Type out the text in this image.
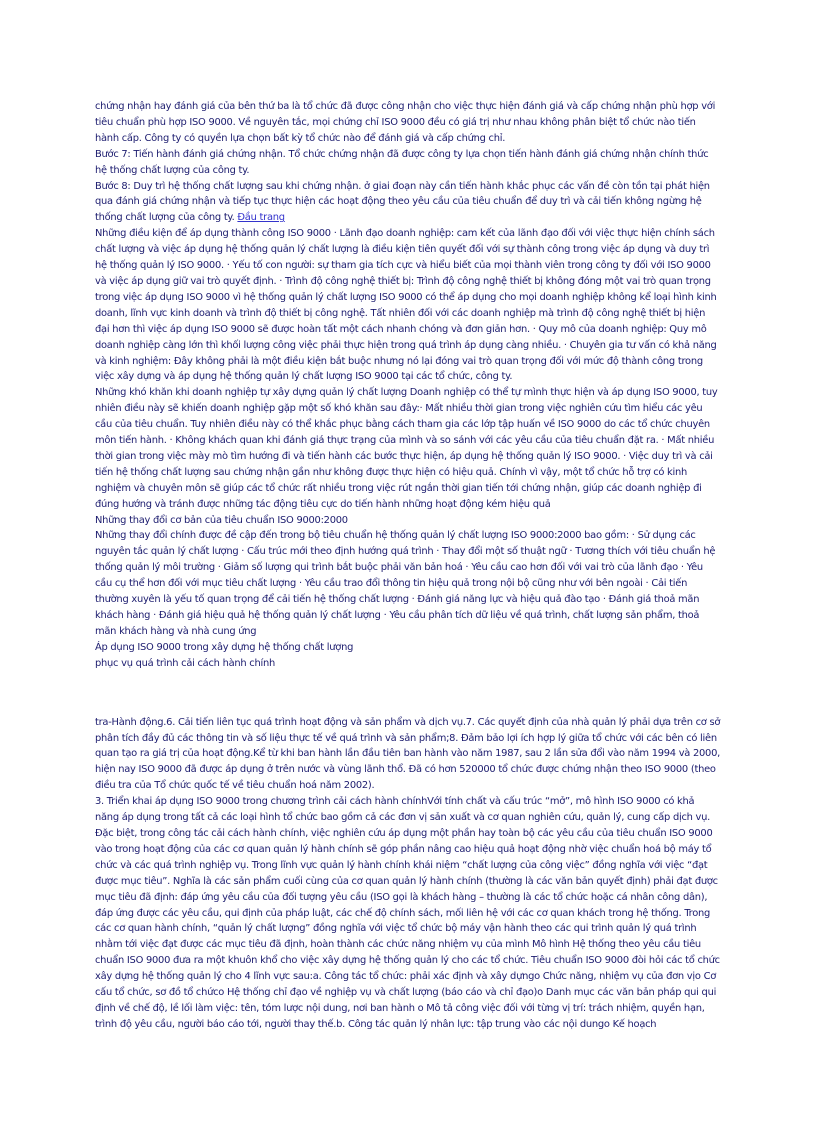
chứng nhận hay đánh giá của bên thứ ba là tổ chức đã được công nhận cho việc thực hiện đánh giá và cấp chứng nhận phù hợp với tiêu chuẩn phù hợp ISO 9000. Về nguyên tắc, mọi chứng chỉ ISO 9000 đều có giá trị như nhau không phân biệt tổ chức nào tiến hành cấp. Công ty có quyền lựa chọn bất kỳ tổ chức nào để đánh giá và cấp chứng chỉ.

Bước 7: Tiến hành đánh giá chứng nhận. Tổ chức chứng nhận đã được công ty lựa chọn tiến hành đánh giá chứng nhận chính thức hệ thống chất lượng của công ty.

Bước 8: Duy trì hệ thống chất lượng sau khi chứng nhận. ở giai đoạn này cần tiến hành khắc phục các vấn đề còn tồn tại phát hiện qua đánh giá chứng nhận và tiếp tục thực hiện các hoạt động theo yêu cầu của tiêu chuẩn để duy trì và cải tiến không ngừng hệ thống chất lượng của công ty. Đầu trang

Những điều kiện để áp dụng thành công ISO 9000 · Lãnh đạo doanh nghiệp: cam kết của lãnh đạo đối với việc thực hiện chính sách chất lượng và việc áp dụng hệ thống quản lý chất lượng là điều kiện tiên quyết đối với sự thành công trong việc áp dụng và duy trì hệ thống quản lý ISO 9000. · Yếu tố con người: sự tham gia tích cực và hiểu biết của mọi thành viên trong công ty đối với ISO 9000 và việc áp dụng giữ vai trò quyết định. · Trình độ công nghệ thiết bị: Trình độ công nghệ thiết bị không đóng một vai trò quan trọng trong việc áp dụng ISO 9000 vì hệ thống quản lý chất lượng ISO 9000 có thể áp dụng cho mọi doanh nghiệp không kể loại hình kinh doanh, lĩnh vực kinh doanh và trình độ thiết bị công nghệ. Tất nhiên đối với các doanh nghiệp mà trình độ công nghệ thiết bị hiện đại hơn thì việc áp dụng ISO 9000 sẽ được hoàn tất một cách nhanh chóng và đơn giản hơn. · Quy mô của doanh nghiệp: Quy mô doanh nghiệp càng lớn thì khối lượng công việc phải thực hiện trong quá trình áp dụng càng nhiều. · Chuyên gia tư vấn có khả năng và kinh nghiệm: Đây không phải là một điều kiện bắt buộc nhưng nó lại đóng vai trò quan trọng đối với mức độ thành công trong việc xây dựng và áp dụng hệ thống quản lý chất lượng ISO 9000 tại các tổ chức, công ty.

Những khó khăn khi doanh nghiệp tự xây dựng quản lý chất lượng Doanh nghiệp có thể tự mình thực hiện và áp dụng ISO 9000, tuy nhiên điều này sẽ khiến doanh nghiệp gặp một số khó khăn sau đây:· Mất nhiều thời gian trong việc nghiên cứu tìm hiểu các yêu cầu của tiêu chuẩn. Tuy nhiên điều này có thể khắc phục bằng cách tham gia các lớp tập huấn về ISO 9000 do các tổ chức chuyên môn tiến hành. · Không khách quan khi đánh giá thực trạng của mình và so sánh với các yêu cầu của tiêu chuẩn đặt ra. · Mất nhiều thời gian trong việc mày mò tìm hướng đi và tiến hành các bước thực hiện, áp dụng hệ thống quản lý ISO 9000. · Việc duy trì và cải tiến hệ thống chất lượng sau chứng nhận gần như không được thực hiện có hiệu quả. Chính vì vậy, một tổ chức hỗ trợ có kinh nghiệm và chuyên môn sẽ giúp các tổ chức rất nhiều trong việc rút ngắn thời gian tiến tới chứng nhận, giúp các doanh nghiệp đi đúng hướng và tránh được những tác động tiêu cực do tiến hành những hoạt động kém hiệu quả

Những thay đổi cơ bản của tiêu chuẩn ISO 9000:2000

Những thay đổi chính được đề cập đến trong bộ tiêu chuẩn hệ thống quản lý chất lượng ISO 9000:2000 bao gồm: · Sử dụng các nguyên tắc quản lý chất lượng · Cấu trúc mới theo định hướng quá trình · Thay đổi một số thuật ngữ · Tương thích với tiêu chuẩn hệ thống quản lý môi trường · Giảm số lượng qui trình bắt buộc phải văn bản hoá · Yêu cầu cao hơn đối với vai trò của lãnh đạo · Yêu cầu cụ thể hơn đối với mục tiêu chất lượng · Yêu cầu trao đổi thông tin hiệu quả trong nội bộ cũng như với bên ngoài · Cải tiến thường xuyên là yếu tố quan trọng để cải tiến hệ thống chất lượng · Đánh giá năng lực và hiệu quả đào tạo · Đánh giá thoả mãn khách hàng · Đánh giá hiệu quả hệ thống quản lý chất lượng · Yêu cầu phân tích dữ liệu về quá trình, chất lượng sản phẩm, thoả mãn khách hàng và nhà cung ứng

Áp dụng ISO 9000 trong xây dựng hệ thống chất lượng

phục vụ quá trình cải cách hành chính

tra-Hành động.6. Cải tiến liên tục quá trình hoạt động và sản phẩm và dịch vụ.7. Các quyết định của nhà quản lý phải dựa trên cơ sở phân tích đầy đủ các thông tin và số liệu thực tế về quá trình và sản phẩm;8. Đảm bảo lợi ích hợp lý giữa tổ chức với các bên có liên quan tạo ra giá trị của hoạt động.Kể từ khi ban hành lần đầu tiên ban hành vào năm 1987, sau 2 lần sửa đổi vào năm 1994 và 2000, hiện nay ISO 9000 đã được áp dụng ở trên nước và vùng lãnh thổ. Đã có hơn 520000 tổ chức được chứng nhận theo ISO 9000 (theo điều tra của Tổ chức quốc tế về tiêu chuẩn hoá năm 2002).

3. Triển khai áp dụng ISO 9000 trong chương trình cải cách hành chínhVới tính chất và cấu trúc “mở”, mô hình ISO 9000 có khả năng áp dụng trong tất cả các loại hình tổ chức bao gồm cả các đơn vị sản xuất và cơ quan nghiên cứu, quản lý, cung cấp dịch vụ. Đặc biệt, trong công tác cải cách hành chính, việc nghiên cứu áp dụng một phần hay toàn bộ các yêu cầu của tiêu chuẩn ISO 9000 vào trong hoạt động của các cơ quan quản lý hành chính sẽ góp phần nâng cao hiệu quả hoạt động nhờ việc chuẩn hoá bộ máy tổ chức và các quá trình nghiệp vụ. Trong lĩnh vực quản lý hành chính khái niệm “chất lượng của công việc” đồng nghĩa với việc “đạt được mục tiêu”. Nghĩa là các sản phẩm cuối cùng của cơ quan quản lý hành chính (thường là các văn bản quyết định) phải đạt được mục tiêu đã định: đáp ứng yêu cầu của đối tượng yêu cầu (ISO gọi là khách hàng – thường là các tổ chức hoặc cá nhân công dân), đáp ứng được các yêu cầu, qui định của pháp luật, các chế độ chính sách, mối liên hệ với các cơ quan khách trong hệ thống. Trong các cơ quan hành chính, “quản lý chất lượng” đồng nghĩa với việc tổ chức bộ máy vận hành theo các qui trình quản lý quá trình nhằm tới việc đạt được các mục tiêu đã định, hoàn thành các chức năng nhiệm vụ của mình Mô hình Hệ thống theo yêu cầu tiêu chuẩn ISO 9000 đưa ra một khuôn khổ cho việc xây dựng hệ thống quản lý cho các tổ chức. Tiêu chuẩn ISO 9000 đòi hỏi các tổ chức xây dựng hệ thống quản lý cho 4 lĩnh vực sau:a. Công tác tổ chức: phải xác định và xây dựngo Chức năng, nhiệm vụ của đơn vịo Cơ cấu tổ chức, sơ đồ tổ chứco Hệ thống chỉ đạo về nghiệp vụ và chất lượng (báo cáo và chỉ đạo)o Danh mục các văn bản pháp qui qui định về chế độ, lề lối làm việc: tên, tóm lược nội dung, nơi ban hành o Mô tả công việc đối với từng vị trí: trách nhiệm, quyền hạn, trình độ yêu cầu, người báo cáo tới, người thay thế.b. Công tác quản lý nhân lực: tập trung vào các nội dungo Kế hoạch
